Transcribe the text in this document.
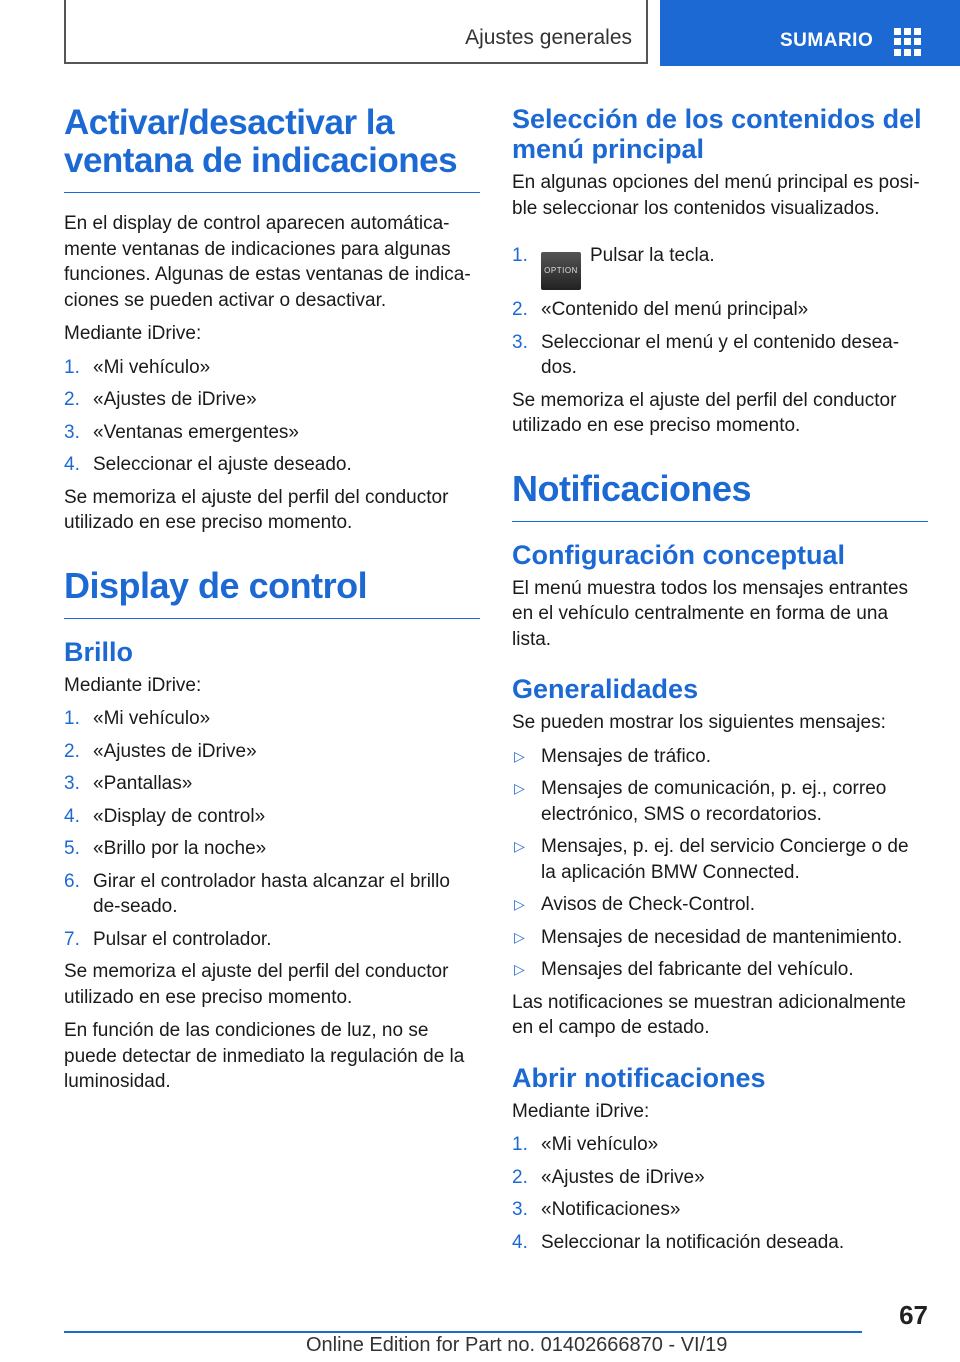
Ajustes generales	SUMARIO
Activar/desactivar la
ventana de indicaciones

En el display de control aparecen automática-mente ventanas de indicaciones para algunas funciones. Algunas de estas ventanas de indica-ciones se pueden activar o desactivar.

Mediante iDrive:

1. «Mi vehículo»
2. «Ajustes de iDrive»
3. «Ventanas emergentes»
4. Seleccionar el ajuste deseado.

Se memoriza el ajuste del perfil del conductor utilizado en ese preciso momento.

Display de control
Brillo

Mediante iDrive:

1. «Mi vehículo»
2. «Ajustes de iDrive»
3. «Pantallas»
4. «Display de control»
5. «Brillo por la noche»
6. Girar el controlador hasta alcanzar el brillo de-seado.
7. Pulsar el controlador.

Se memoriza el ajuste del perfil del conductor utilizado en ese preciso momento.

En función de las condiciones de luz, no se puede detectar de inmediato la regulación de la luminosidad.

Selección de los contenidos del menú principal

En algunas opciones del menú principal es posi-ble seleccionar los contenidos visualizados.

1.
OPTIONPulsar la tecla.
2. «Contenido del menú principal»
3. Seleccionar el menú y el contenido desea-dos.

Se memoriza el ajuste del perfil del conductor utilizado en ese preciso momento.

Notificaciones
Configuración conceptual

El menú muestra todos los mensajes entrantes en el vehículo centralmente en forma de una lista.

Generalidades

Se pueden mostrar los siguientes mensajes:

▷ Mensajes de tráfico.
▷ Mensajes de comunicación, p. ej., correo electrónico, SMS o recordatorios.
▷ Mensajes, p. ej. del servicio Concierge o de la aplicación BMW Connected.
▷ Avisos de Check-Control.
▷ Mensajes de necesidad de mantenimiento.
▷ Mensajes del fabricante del vehículo.

Las notificaciones se muestran adicionalmente en el campo de estado.

Abrir notificaciones

Mediante iDrive:

1. «Mi vehículo»
2. «Ajustes de iDrive»
3. «Notificaciones»
4. Seleccionar la notificación deseada.
67
Online Edition for Part no. 01402666870 - VI/19
